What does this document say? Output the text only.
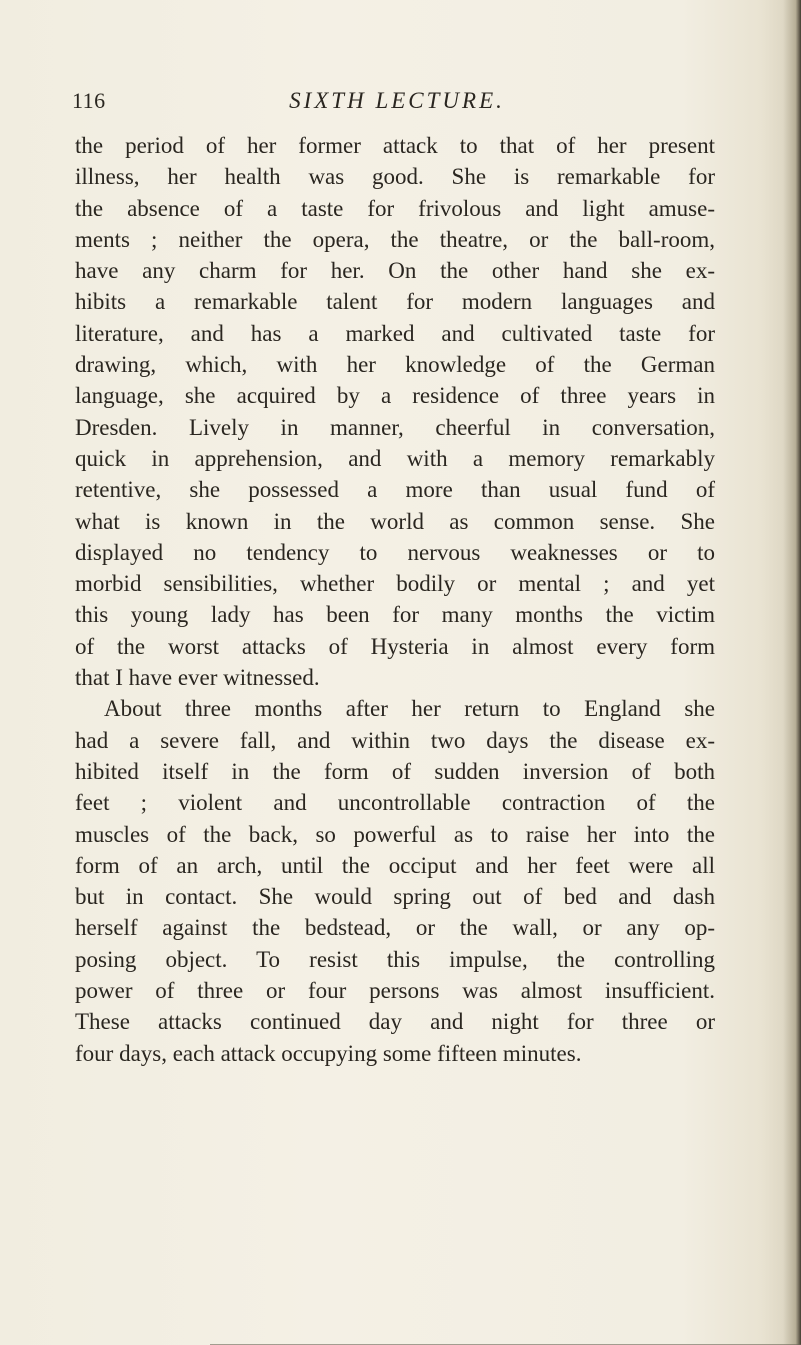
116	SIXTH LECTURE.
the period of her former attack to that of her present
illness, her health was good. She is remarkable for
the absence of a taste for frivolous and light amuse-
ments ; neither the opera, the theatre, or the ball-room,
have any charm for her. On the other hand she ex-
hibits a remarkable talent for modern languages and
literature, and has a marked and cultivated taste for
drawing, which, with her knowledge of the German
language, she acquired by a residence of three years in
Dresden. Lively in manner, cheerful in conversation,
quick in apprehension, and with a memory remarkably
retentive, she possessed a more than usual fund of
what is known in the world as common sense. She
displayed no tendency to nervous weaknesses or to
morbid sensibilities, whether bodily or mental ; and yet
this young lady has been for many months the victim
of the worst attacks of Hysteria in almost every form
that I have ever witnessed.
About three months after her return to England she
had a severe fall, and within two days the disease ex-
hibited itself in the form of sudden inversion of both
feet ; violent and uncontrollable contraction of the
muscles of the back, so powerful as to raise her into the
form of an arch, until the occiput and her feet were all
but in contact. She would spring out of bed and dash
herself against the bedstead, or the wall, or any op-
posing object. To resist this impulse, the controlling
power of three or four persons was almost insufficient.
These attacks continued day and night for three or
four days, each attack occupying some fifteen minutes.
